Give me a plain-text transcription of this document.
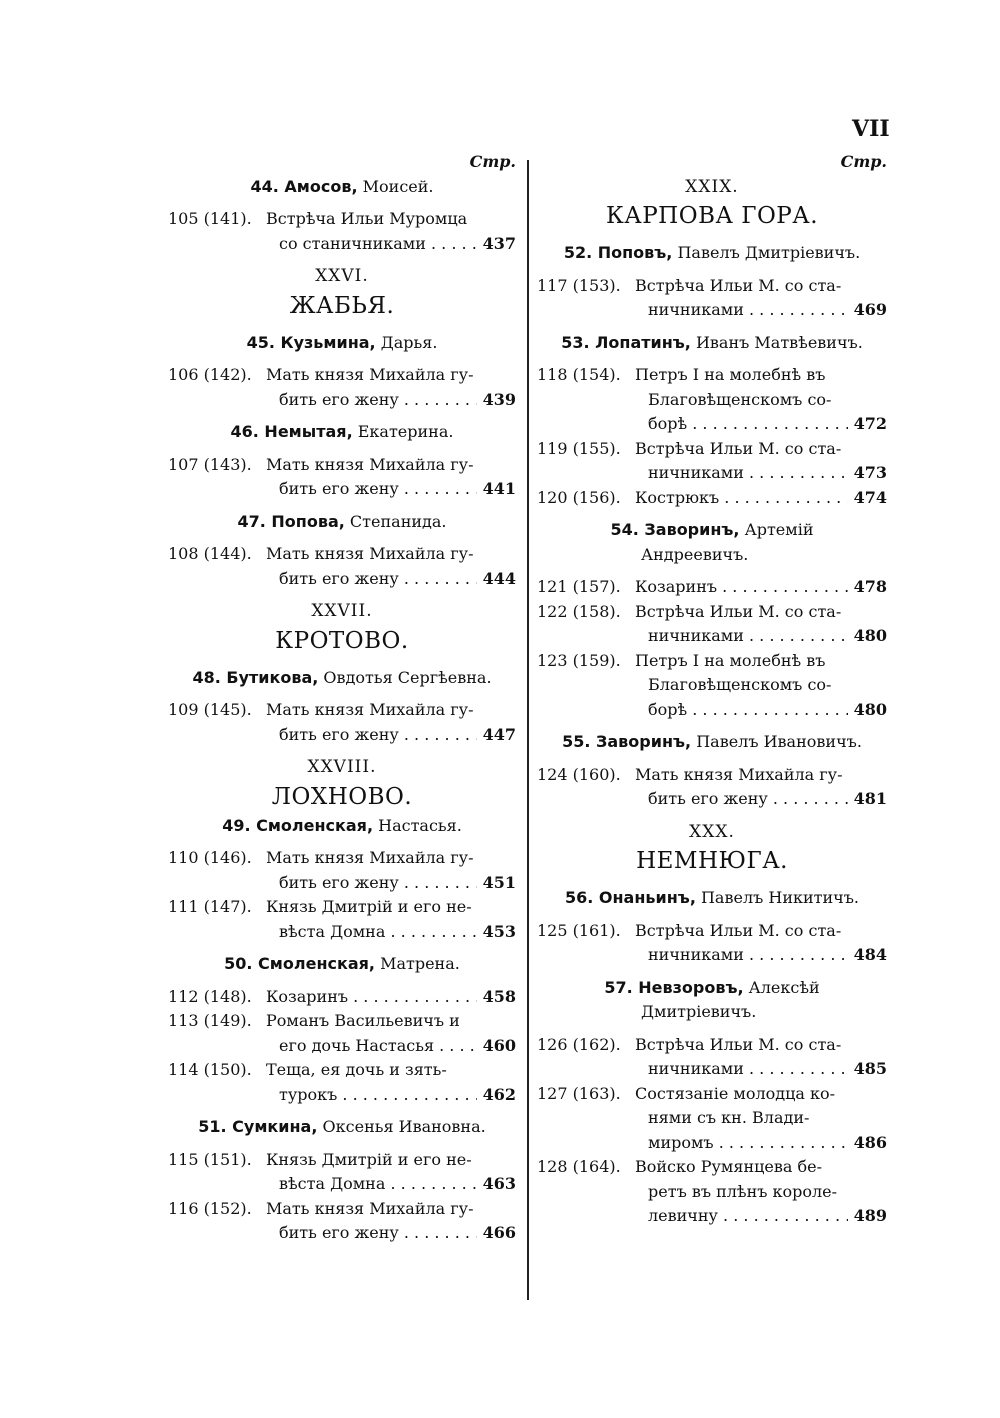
VII
Стр.
44. Амосов, Моисей.
105 (141). Встрѣча Ильи Муромца
со станичниками . . .	437
XXVI.
ЖАБЬЯ.
45. Кузьмина, Дарья.
106 (142). Мать князя Михайла гу-
бить его жену . . .	439
46. Немытая, Екатерина.
107 (143). Мать князя Михайла гу-
бить его жену . . .	441
47. Попова, Степанида.
108 (144). Мать князя Михайла гу-
бить его жену . . .	444
XXVII.
КРОТОВО.
48. Бутикова, Овдотья Сергѣевна.
109 (145). Мать князя Михайла гу-
бить его жену . . .	447
XXVIII.
ЛОХНОВО.
49. Смоленская, Настасья.
110 (146). Мать князя Михайла гу-
бить его жену . . .	451
111 (147). Князь Дмитрій и его не-
вѣста Домна . . .	453
50. Смоленская, Матрена.
112 (148). Козаринъ . . .	458
113 (149). Романъ Васильевичъ и
его дочь Настасья . . .	460
114 (150). Теща, ея дочь и зять-
турокъ . . .	462
51. Сумкина, Оксенья Ивановна.
115 (151). Князь Дмитрій и его не-
вѣста Домна . . .	463
116 (152). Мать князя Михайла гу-
бить его жену . . .	466
Стр.
XXIX.
КАРПОВА ГОРА.
52. Поповъ, Павелъ Дмитріевичъ.
117 (153). Встрѣча Ильи М. со ста-
ничниками . . .	469
53. Лопатинъ, Иванъ Матвѣевичъ.
118 (154). Петръ I на молебнѣ въ
Благовѣщенскомъ со-
борѣ . . .	472
119 (155). Встрѣча Ильи М. со ста-
ничниками . . .	473
120 (156). Кострюкъ . . .	474
54. Заворинъ, Артемій
Андреевичъ.
121 (157). Козаринъ . . .	478
122 (158). Встрѣча Ильи М. со ста-
ничниками . . .	480
123 (159). Петръ I на молебнѣ въ
Благовѣщенскомъ со-
борѣ . . .	480
55. Заворинъ, Павелъ Ивановичъ.
124 (160). Мать князя Михайла гу-
бить его жену . . .	481
XXX.
НЕМНЮГА.
56. Онаньинъ, Павелъ Никитичъ.
125 (161). Встрѣча Ильи М. со ста-
ничниками . . .	484
57. Невзоровъ, Алексѣй
Дмитріевичъ.
126 (162). Встрѣча Ильи М. со ста-
ничниками . . .	485
127 (163). Состязаніе молодца ко-
нями съ кн. Влади-
миромъ . . .	486
128 (164). Войско Румянцева бе-
ретъ въ плѣнъ короле-
левичну . . .	489
